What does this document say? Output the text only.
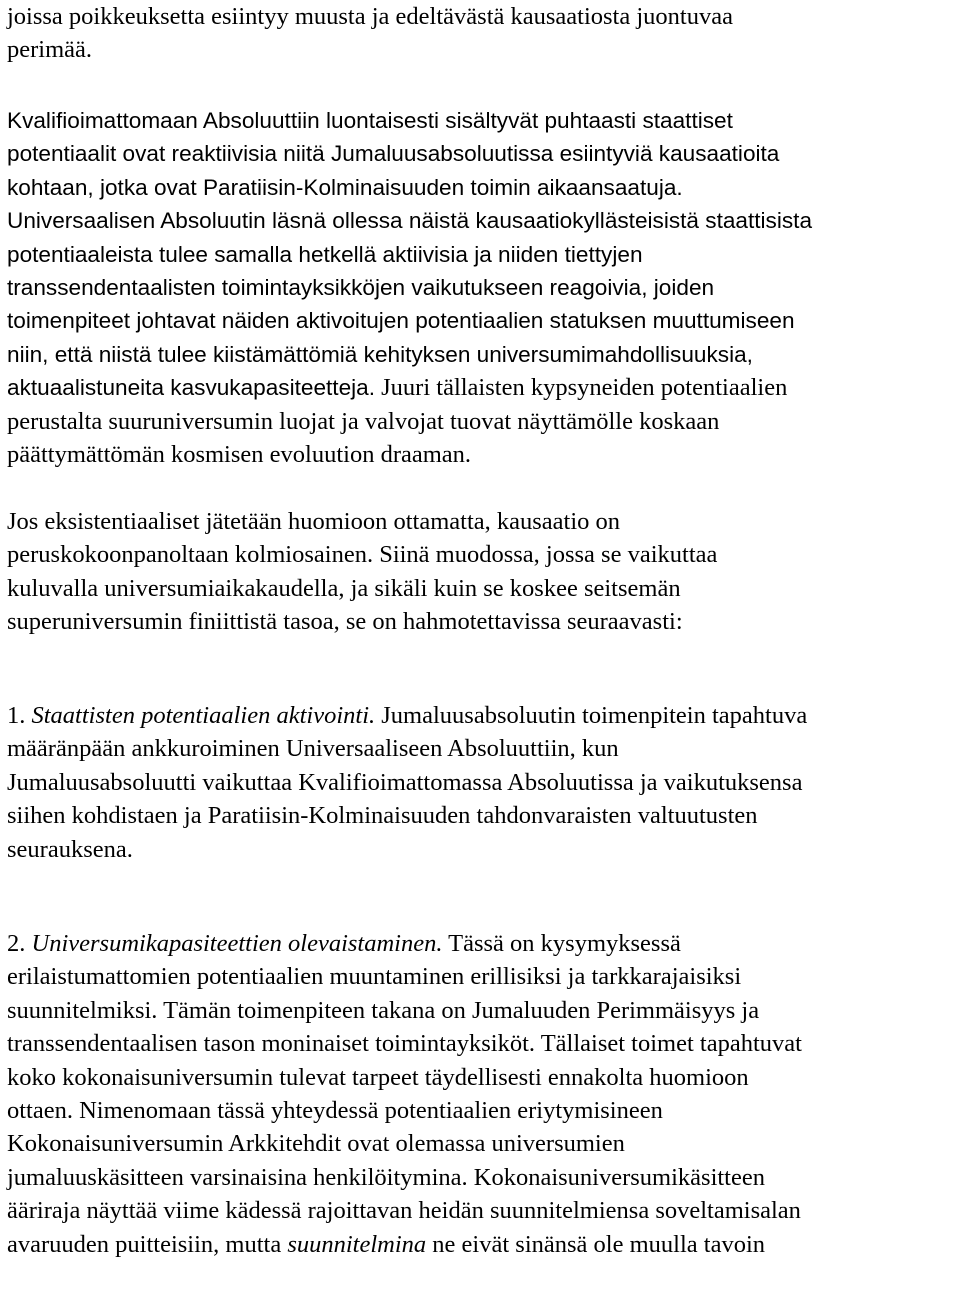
joissa poikkeuksetta esiintyy muusta ja edeltävästä kausaatiosta juontuvaa
perimää.
Kvalifioimattomaan Absoluuttiin luontaisesti sisältyvät puhtaasti staattiset
potentiaalit ovat reaktiivisia niitä Jumaluusabsoluutissa esiintyviä kausaatioita
kohtaan, jotka ovat Paratiisin-Kolminaisuuden toimin aikaansaatuja.
Universaalisen Absoluutin läsnä ollessa näistä kausaatiokyllästeisistä staattisista
potentiaaleista tulee samalla hetkellä aktiivisia ja niiden tiettyjen
transsendentaalisten toimintayksikköjen vaikutukseen reagoivia, joiden
toimenpiteet johtavat näiden aktivoitujen potentiaalien statuksen muuttumiseen
niin, että niistä tulee kiistämättömiä kehityksen universumimahdollisuuksia,
aktuaalistuneita kasvukapasiteetteja. Juuri tällaisten kypsyneiden potentiaalien
perustalta suuruniversumin luojat ja valvojat tuovat näyttämölle koskaan
päättymättömän kosmisen evoluution draaman.
Jos eksistentiaaliset jätetään huomioon ottamatta, kausaatio on
peruskokoonpanoltaan kolmiosainen. Siinä muodossa, jossa se vaikuttaa
kuluvalla universumiaikakaudella, ja sikäli kuin se koskee seitsemän
superuniversumin finiittistä tasoa, se on hahmotettavissa seuraavasti:
1. Staattisten potentiaalien aktivointi. Jumaluusabsoluutin toimenpitein tapahtuva
määränpään ankkuroiminen Universaaliseen Absoluuttiin, kun
Jumaluusabsoluutti vaikuttaa Kvalifioimattomassa Absoluutissa ja vaikutuksensa
siihen kohdistaen ja Paratiisin-Kolminaisuuden tahdonvaraisten valtuutusten
seurauksena.
2. Universumikapasiteettien olevaistaminen. Tässä on kysymyksessä
erilaistumattomien potentiaalien muuntaminen erillisiksi ja tarkkarajaisiksi
suunnitelmiksi. Tämän toimenpiteen takana on Jumaluuden Perimmäisyys ja
transsendentaalisen tason moninaiset toimintayksiköt. Tällaiset toimet tapahtuvat
koko kokonaisuniversumin tulevat tarpeet täydellisesti ennakolta huomioon
ottaen. Nimenomaan tässä yhteydessä potentiaalien eriytymisineen
Kokonaisuniversumin Arkkitehdit ovat olemassa universumien
jumaluuskäsitteen varsinaisina henkilöitymina. Kokonaisuniversumikäsitteen
ääriraja näyttää viime kädessä rajoittavan heidän suunnitelmiensa soveltamisalan
avaruuden puitteisiin, mutta suunnitelmina ne eivät sinänsä ole muulla tavoin
